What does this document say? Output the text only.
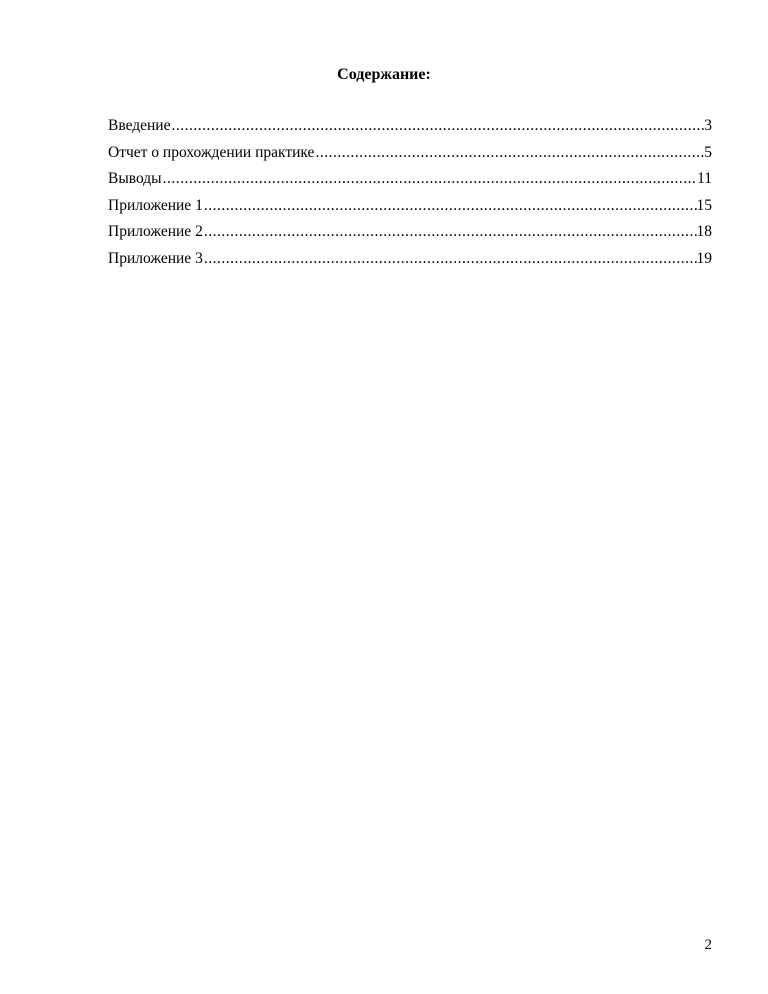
Содержание:
Введение .....	3
Отчет о прохождении практике .....	5
Выводы .....	11
Приложение 1 .....	15
Приложение 2 .....	18
Приложение 3 .....	19
2
